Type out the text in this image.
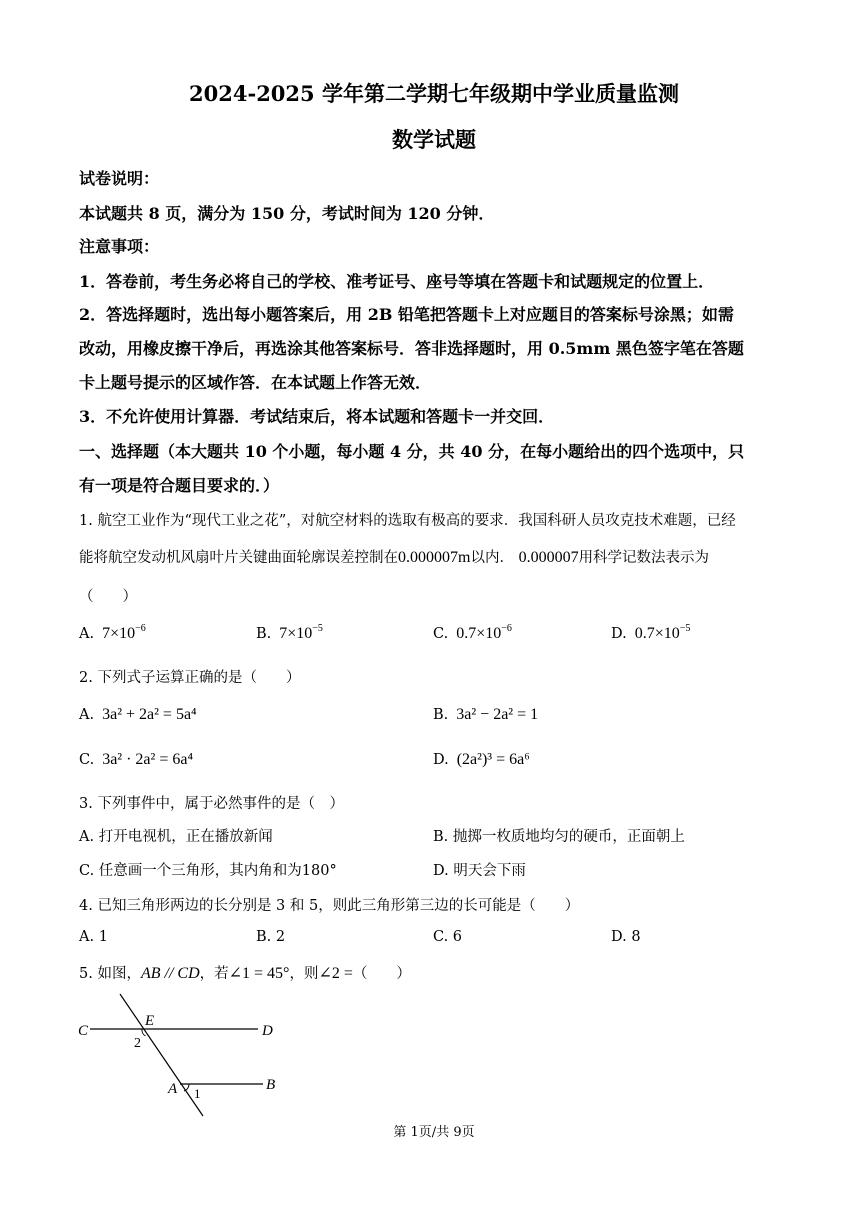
2024-2025 学年第二学期七年级期中学业质量监测
数学试题
试卷说明：
本试题共 8 页，满分为 150 分，考试时间为 120 分钟．
注意事项：
1．答卷前，考生务必将自己的学校、准考证号、座号等填在答题卡和试题规定的位置上．
2．答选择题时，选出每小题答案后，用 2B 铅笔把答题卡上对应题目的答案标号涂黑；如需
改动，用橡皮擦干净后，再选涂其他答案标号．答非选择题时，用 0.5mm 黑色签字笔在答题
卡上题号提示的区域作答．在本试题上作答无效．
3．不允许使用计算器．考试结束后，将本试题和答题卡一并交回．
一、选择题（本大题共 10 个小题，每小题 4 分，共 40 分，在每小题给出的四个选项中，只
有一项是符合题目要求的．）
1. 航空工业作为“现代工业之花”，对航空材料的选取有极高的要求．我国科研人员攻克技术难题，已经
能将航空发动机风扇叶片关键曲面轮廓误差控制在0.000007m以内． 0.000007用科学记数法表示为
（　　）
A. $7\times 10^{-6}$	B. $7\times 10^{-5}$	C. $0.7\times 10^{-6}$	D. $0.7\times 10^{-5}$
2. 下列式子运算正确的是（　　）
A. 3a² + 2a² = 5a⁴	B. 3a² − 2a² = 1
C. 3a² · 2a² = 6a⁴	D. (2a²)³ = 6a⁶
3. 下列事件中，属于必然事件的是（　）
A. 打开电视机，正在播放新闻	B. 抛掷一枚质地均匀的硬币，正面朝上
C. 任意画一个三角形，其内角和为180°	D. 明天会下雨
4. 已知三角形两边的长分别是 3 和 5，则此三角形第三边的长可能是（　　）
A. 1	B. 2	C. 6	D. 8
5. 如图，AB // CD，若∠1 = 45°，则∠2 =（　　）
C
E
D
2
A 1
B
第 1页/共 9页
